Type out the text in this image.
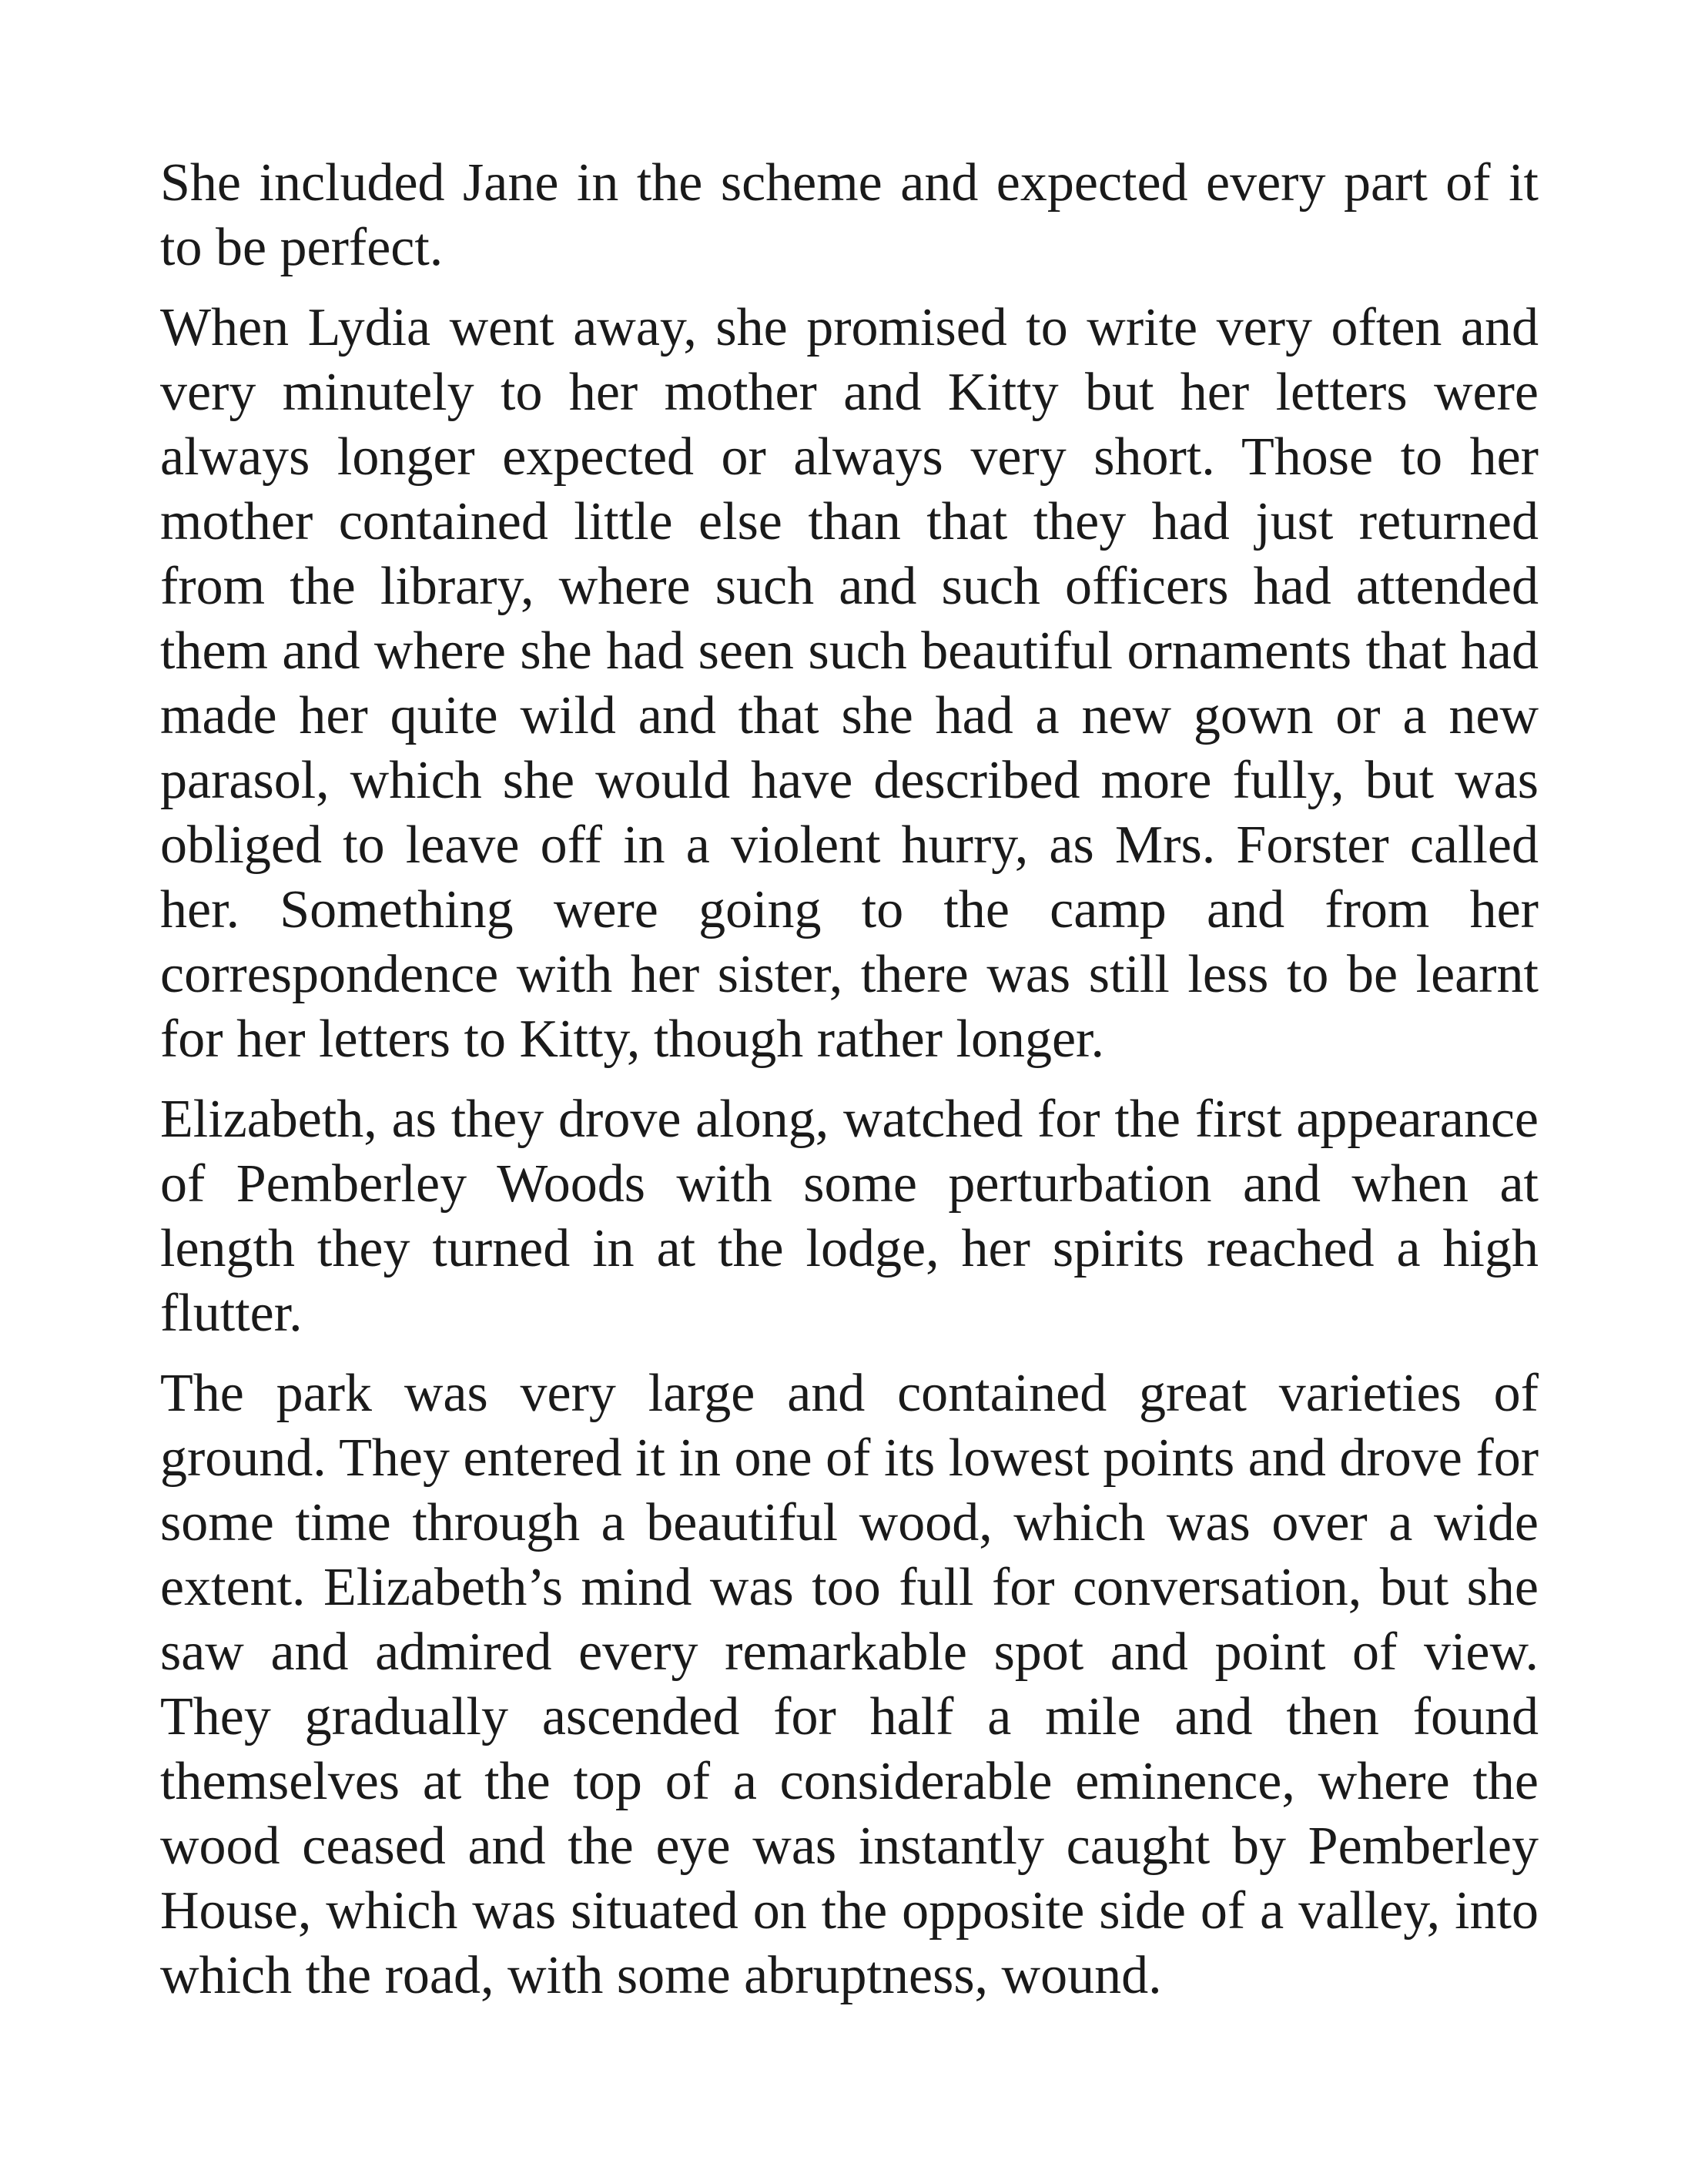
She included Jane in the scheme and expected every part of it to be perfect.

When Lydia went away, she promised to write very often and very minutely to her mother and Kitty but her letters were always longer expected or always very short. Those to her mother contained little else than that they had just returned from the library, where such and such officers had attended them and where she had seen such beautiful ornaments that had made her quite wild and that she had a new gown or a new parasol, which she would have described more fully, but was obliged to leave off in a violent hurry, as Mrs. Forster called her. Something were going to the camp and from her correspondence with her sister, there was still less to be learnt for her letters to Kitty, though rather longer.

Elizabeth, as they drove along, watched for the first appearance of Pemberley Woods with some perturbation and when at length they turned in at the lodge, her spirits reached a high flutter.

The park was very large and contained great varieties of ground. They entered it in one of its lowest points and drove for some time through a beautiful wood, which was over a wide extent. Elizabeth’s mind was too full for conversation, but she saw and admired every remarkable spot and point of view. They gradually ascended for half a mile and then found themselves at the top of a considerable eminence, where the wood ceased and the eye was instantly caught by Pemberley House, which was situated on the opposite side of a valley, into which the road, with some abruptness, wound.
